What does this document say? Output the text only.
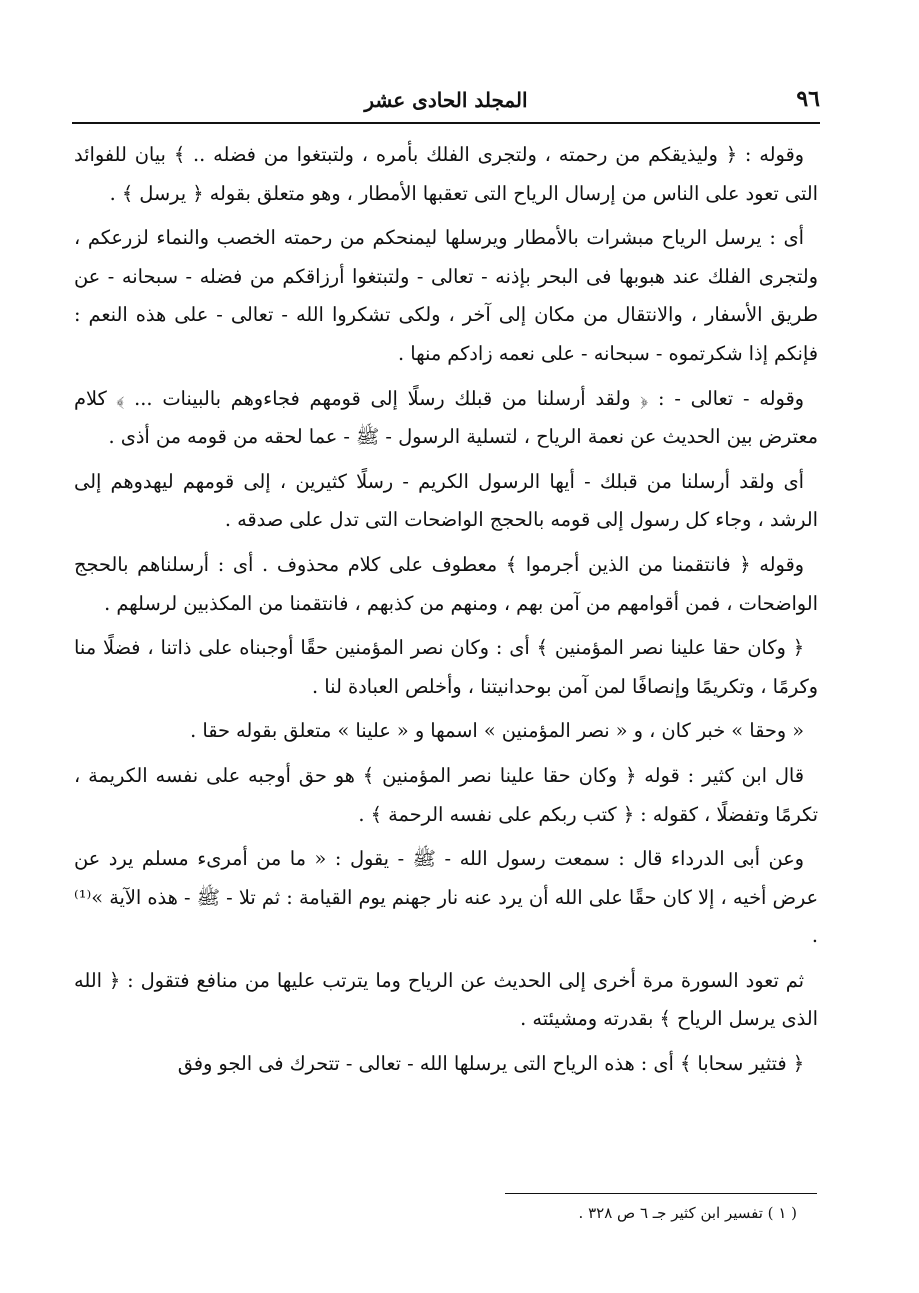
٩٦
المجلد الحادى عشر

وقوله : ﴿ وليذيقكم من رحمته ، ولتجرى الفلك بأمره ، ولتبتغوا من فضله .. ﴾ بيان للفوائد التى تعود على الناس من إرسال الرياح التى تعقبها الأمطار ، وهو متعلق بقوله ﴿ يرسل ﴾ .

أى : يرسل الرياح مبشرات بالأمطار ويرسلها ليمنحكم من رحمته الخصب والنماء لزرعكم ، ولتجرى الفلك عند هبوبها فى البحر بإذنه - تعالى - ولتبتغوا أرزاقكم من فضله - سبحانه - عن طريق الأسفار ، والانتقال من مكان إلى آخر ، ولكى تشكروا الله - تعالى - على هذه النعم : فإنكم إذا شكرتموه - سبحانه - على نعمه زادكم منها .

وقوله - تعالى - : ﴿ ولقد أرسلنا من قبلك رسلًا إلى قومهم فجاءوهم بالبينات ... ﴾ كلام معترض بين الحديث عن نعمة الرياح ، لتسلية الرسول - ﷺ - عما لحقه من قومه من أذى .

أى ولقد أرسلنا من قبلك - أيها الرسول الكريم - رسلًا كثيرين ، إلى قومهم ليهدوهم إلى الرشد ، وجاء كل رسول إلى قومه بالحجج الواضحات التى تدل على صدقه .

وقوله ﴿ فانتقمنا من الذين أجرموا ﴾ معطوف على كلام محذوف . أى : أرسلناهم بالحجج الواضحات ، فمن أقوامهم من آمن بهم ، ومنهم من كذبهم ، فانتقمنا من المكذبين لرسلهم .

﴿ وكان حقا علينا نصر المؤمنين ﴾ أى : وكان نصر المؤمنين حقًا أوجبناه على ذاتنا ، فضلًا منا وكرمًا ، وتكريمًا وإنصافًا لمن آمن بوحدانيتنا ، وأخلص العبادة لنا .

« وحقا » خبر كان ، و « نصر المؤمنين » اسمها و « علينا » متعلق بقوله حقا .

قال ابن كثير : قوله ﴿ وكان حقا علينا نصر المؤمنين ﴾ هو حق أوجبه على نفسه الكريمة ، تكرمًا وتفضلًا ، كقوله : ﴿ كتب ربكم على نفسه الرحمة ﴾ .

وعن أبى الدرداء قال : سمعت رسول الله - ﷺ - يقول : « ما من أمرىء مسلم يرد عن عرض أخيه ، إلا كان حقًا على الله أن يرد عنه نار جهنم يوم القيامة : ثم تلا - ﷺ - هذه الآية »⁽¹⁾ .

ثم تعود السورة مرة أخرى إلى الحديث عن الرياح وما يترتب عليها من منافع فتقول : ﴿ الله الذى يرسل الرياح ﴾ بقدرته ومشيئته .

﴿ فتثير سحابا ﴾ أى : هذه الرياح التى يرسلها الله - تعالى - تتحرك فى الجو وفق

( ١ ) تفسير ابن كثير جـ ٦ ص ٣٢٨ .
